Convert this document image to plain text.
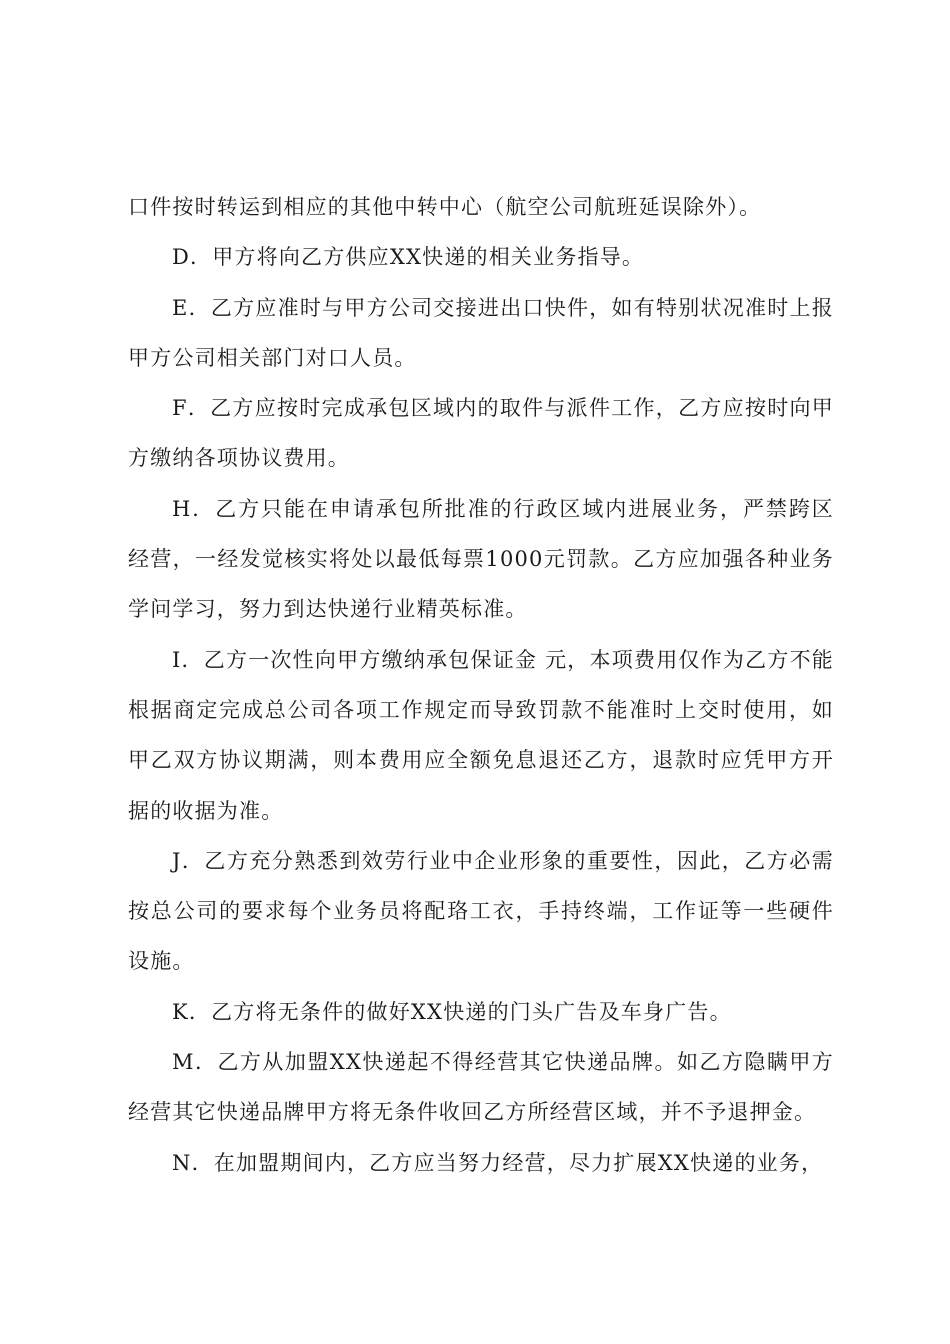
口件按时转运到相应的其他中转中心（航空公司航班延误除外）。

D．甲方将向乙方供应XX快递的相关业务指导。

E．乙方应准时与甲方公司交接进出口快件，如有特别状况准时上报甲方公司相关部门对口人员。

F．乙方应按时完成承包区域内的取件与派件工作，乙方应按时向甲方缴纳各项协议费用。

H．乙方只能在申请承包所批准的行政区域内进展业务，严禁跨区经营，一经发觉核实将处以最低每票1000元罚款。乙方应加强各种业务学问学习，努力到达快递行业精英标准。

I．乙方一次性向甲方缴纳承包保证金 元，本项费用仅作为乙方不能根据商定完成总公司各项工作规定而导致罚款不能准时上交时使用，如甲乙双方协议期满，则本费用应全额免息退还乙方，退款时应凭甲方开据的收据为准。

J．乙方充分熟悉到效劳行业中企业形象的重要性，因此，乙方必需按总公司的要求每个业务员将配珞工衣，手持终端，工作证等一些硬件设施。

K．乙方将无条件的做好XX快递的门头广告及车身广告。

M．乙方从加盟XX快递起不得经营其它快递品牌。如乙方隐瞒甲方经营其它快递品牌甲方将无条件收回乙方所经营区域，并不予退押金。

N．在加盟期间内，乙方应当努力经营，尽力扩展XX快递的业务，
